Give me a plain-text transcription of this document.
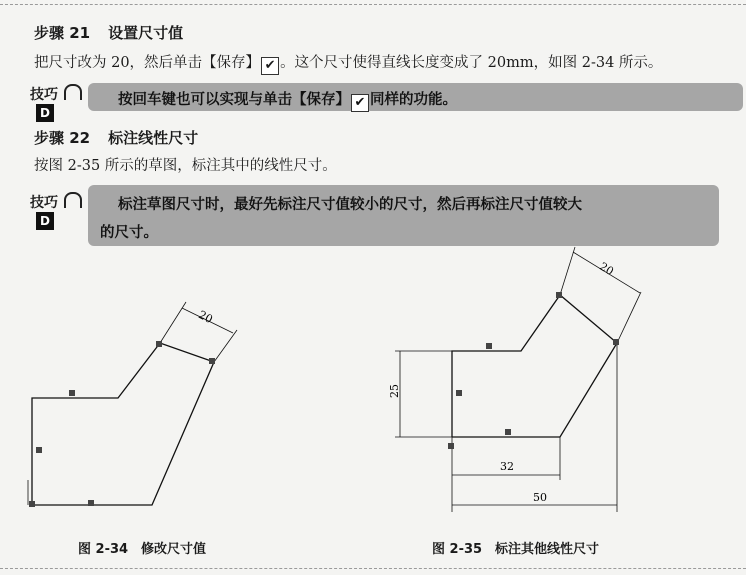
步骤 21 设置尺寸值
把尺寸改为 20，然后单击【保存】 ✔ 。这个尺寸使得直线长度变成了 20mm，如图 2-34 所示。
技巧
D
按回车键也可以实现与单击【保存】 ✔ 同样的功能。
步骤 22 标注线性尺寸
按图 2-35 所示的草图，标注其中的线性尺寸。
技巧
D
标注草图尺寸时，最好先标注尺寸值较小的尺寸，然后再标注尺寸值较大
的尺寸。
20
20
25
32
50
图 2-34　修改尺寸值	图 2-35　标注其他线性尺寸
